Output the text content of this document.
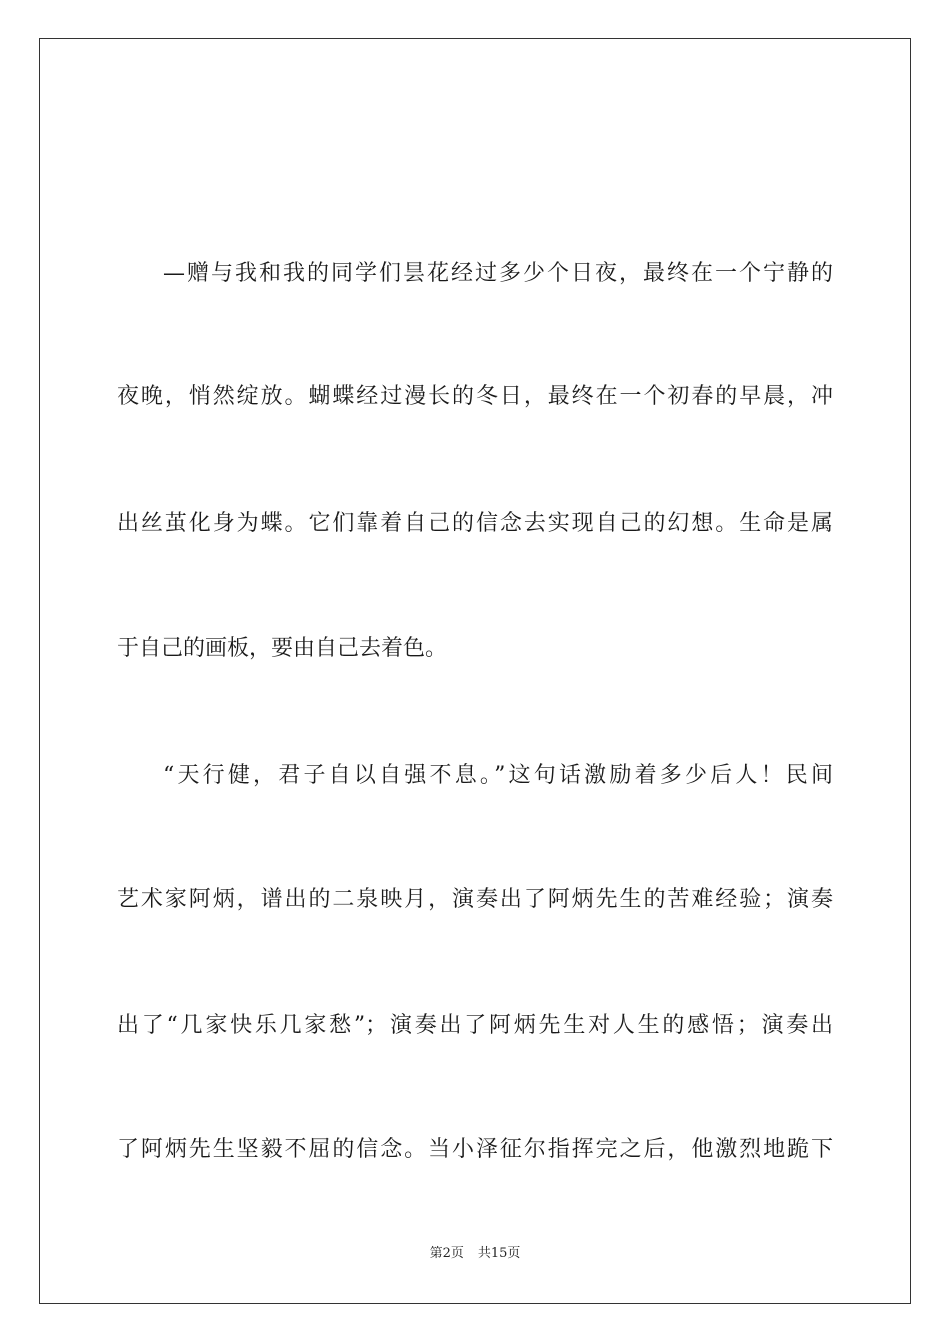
—赠与我和我的同学们昙花经过多少个日夜，最终在一个宁静的
夜晚，悄然绽放。蝴蝶经过漫长的冬日，最终在一个初春的早晨，冲
出丝茧化身为蝶。它们靠着自己的信念去实现自己的幻想。生命是属
于自己的画板，要由自己去着色。
“天行健，君子自以自强不息。”这句话激励着多少后人！民间
艺术家阿炳，谱出的二泉映月，演奏出了阿炳先生的苦难经验；演奏
出了“几家快乐几家愁”；演奏出了阿炳先生对人生的感悟；演奏出
了阿炳先生坚毅不屈的信念。当小泽征尔指挥完之后，他激烈地跪下
第2页 共15页
